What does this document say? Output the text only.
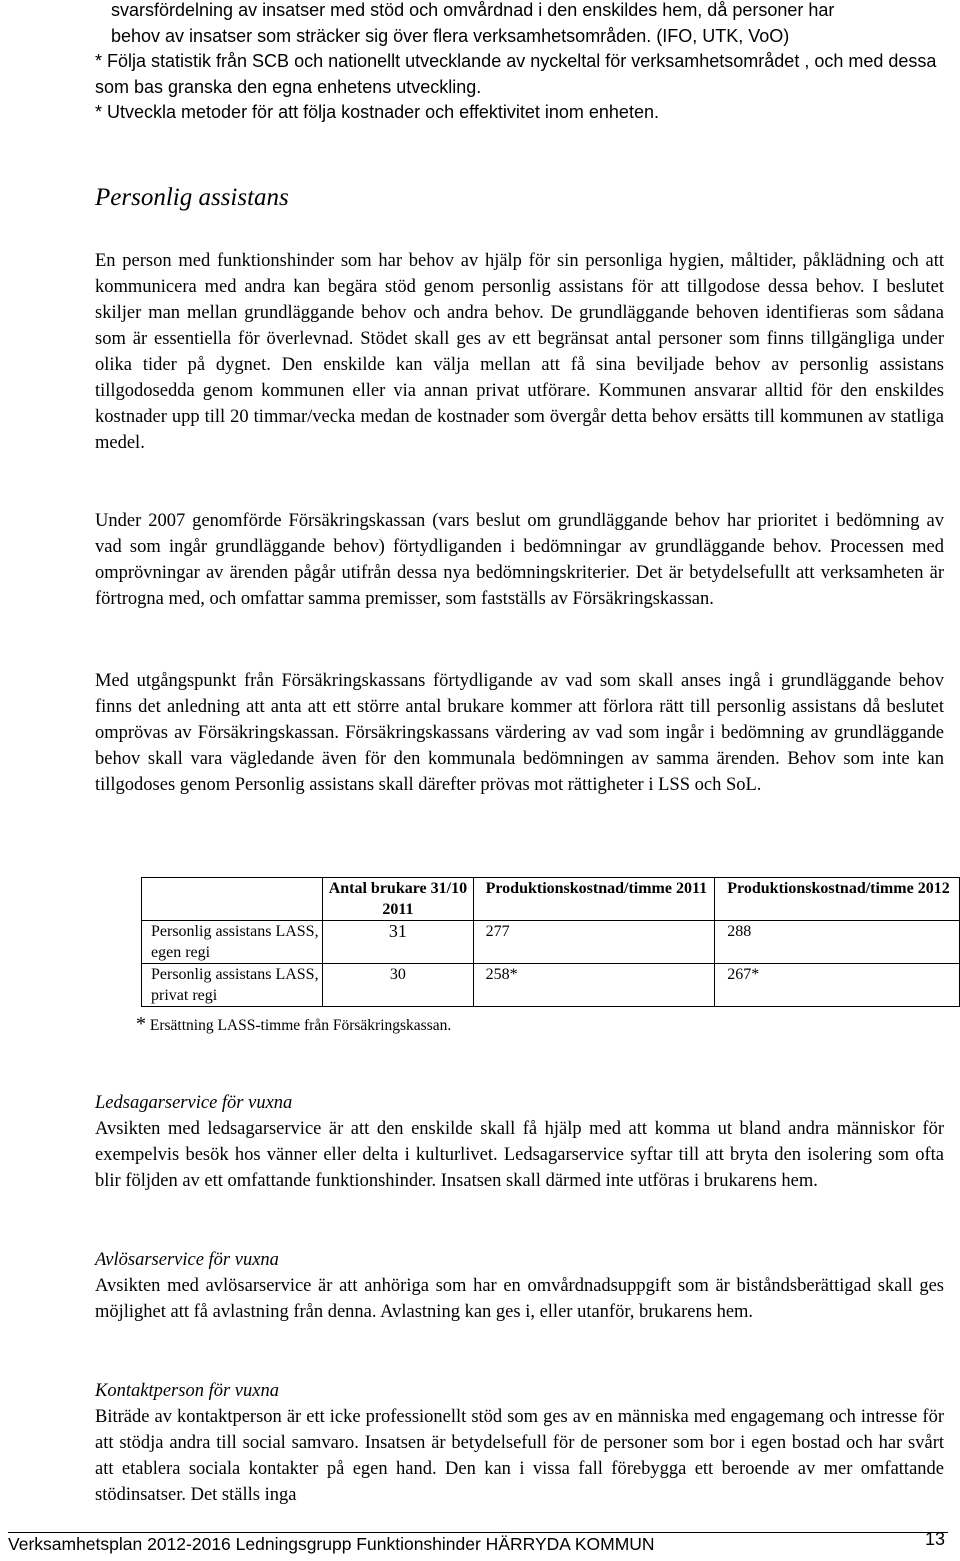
svarsfördelning av insatser med stöd och omvårdnad i den enskildes hem, då personer har

behov av insatser som sträcker sig över flera verksamhetsområden. (IFO, UTK, VoO)

* Följa statistik från SCB och nationellt utvecklande av nyckeltal för verksamhetsområdet , och med dessa som bas granska den egna enhetens utveckling.

* Utveckla metoder för att följa kostnader och effektivitet inom enheten.

Personlig assistans

En person med funktionshinder som har behov av hjälp för sin personliga hygien, måltider, påklädning och att kommunicera med andra kan begära stöd genom personlig assistans för att tillgodose dessa behov. I beslutet skiljer man mellan grundläggande behov och andra behov. De grundläggande behoven identifieras som sådana som är essentiella för överlevnad. Stödet skall ges av ett begränsat antal personer som finns tillgängliga under olika tider på dygnet. Den enskilde kan välja mellan att få sina beviljade behov av personlig assistans tillgodosedda genom kommunen eller via annan privat utförare. Kommunen ansvarar alltid för den enskildes kostnader upp till 20 timmar/vecka medan de kostnader som övergår detta behov ersätts till kommunen av statliga medel.

Under 2007 genomförde Försäkringskassan (vars beslut om grundläggande behov har prioritet i bedömning av vad som ingår grundläggande behov) förtydliganden i bedömningar av grundläggande behov. Processen med omprövningar av ärenden pågår utifrån dessa nya bedömningskriterier. Det är betydelsefullt att verksamheten är förtrogna med, och omfattar samma premisser, som fastställs av Försäkringskassan.

Med utgångspunkt från Försäkringskassans förtydligande av vad som skall anses ingå i grundläggande behov finns det anledning att anta att ett större antal brukare kommer att förlora rätt till personlig assistans då beslutet omprövas av Försäkringskassan. Försäkringskassans värdering av vad som ingår i bedömning av grundläggande behov skall vara vägledande även för den kommunala bedömningen av samma ärenden. Behov som inte kan tillgodoses genom Personlig assistans skall därefter prövas mot rättigheter i LSS och SoL.

	Antal brukare 31/10 2011	Produktionskostnad/timme 2011	Produktionskostnad/timme 2012
Personlig assistans LASS, egen regi	31	277	288
Personlig assistans LASS, privat regi	30	258*	267*
* Ersättning LASS-timme från Försäkringskassan.

Ledsagarservice för vuxna

Avsikten med ledsagarservice är att den enskilde skall få hjälp med att komma ut bland andra människor för exempelvis besök hos vänner eller delta i kulturlivet. Ledsagarservice syftar till att bryta den isolering som ofta blir följden av ett omfattande funktionshinder. Insatsen skall därmed inte utföras i brukarens hem.

Avlösarservice för vuxna

Avsikten med avlösarservice är att anhöriga som har en omvårdnadsuppgift som är biståndsberättigad skall ges möjlighet att få avlastning från denna. Avlastning kan ges i, eller utanför, brukarens hem.

Kontaktperson för vuxna

Biträde av kontaktperson är ett icke professionellt stöd som ges av en människa med engagemang och intresse för att stödja andra till social samvaro. Insatsen är betydelsefull för de personer som bor i egen bostad och har svårt att etablera sociala kontakter på egen hand. Den kan i vissa fall förebygga ett beroende av mer omfattande stödinsatser. Det ställs inga

Verksamhetsplan 2012-2016 Ledningsgrupp Funktionshinder HÄRRYDA KOMMUN	13
